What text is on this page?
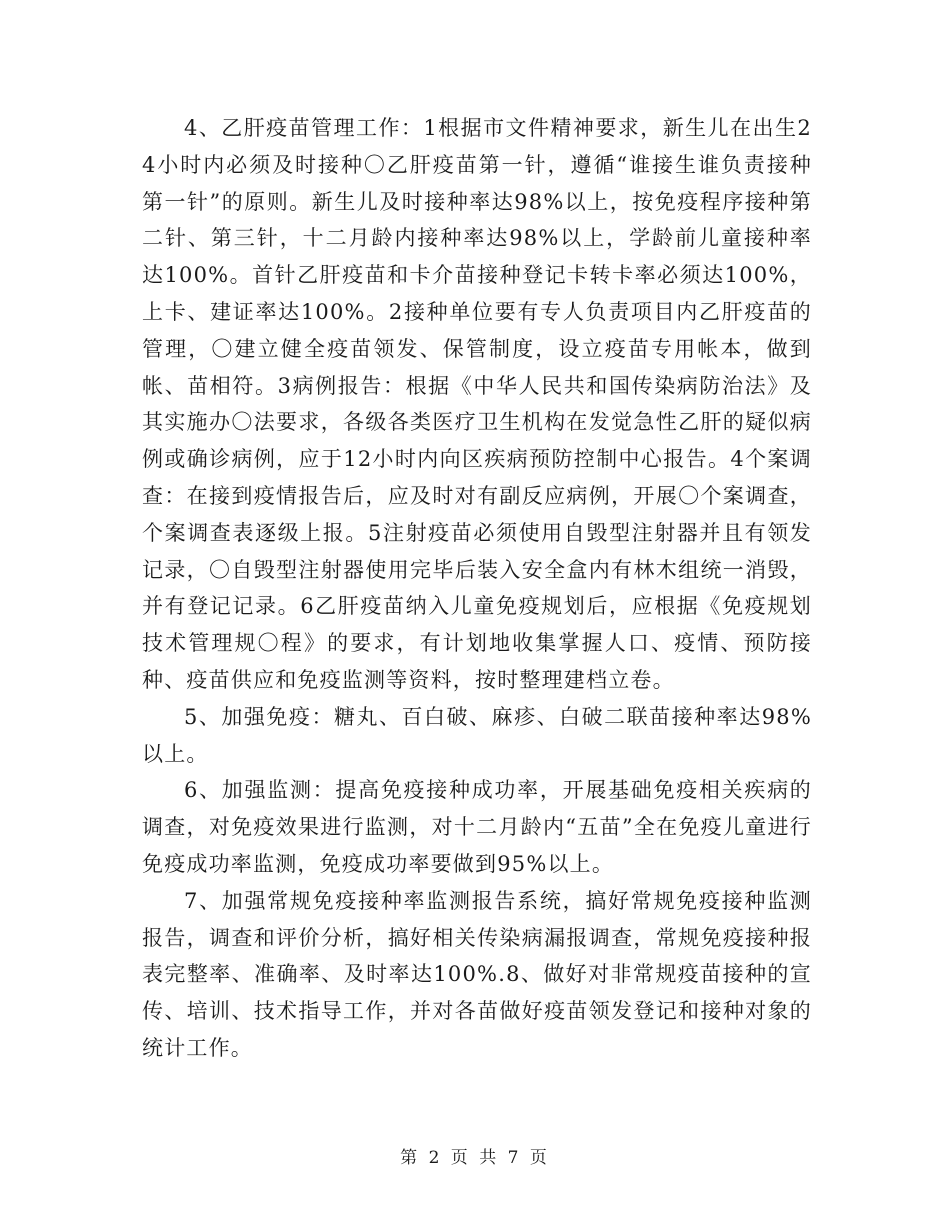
4、乙肝疫苗管理工作：1根据市文件精神要求，新生儿在出生24小时内必须及时接种〇乙肝疫苗第一针，遵循“谁接生谁负责接种第一针”的原则。新生儿及时接种率达98%以上，按免疫程序接种第二针、第三针，十二月龄内接种率达98%以上，学龄前儿童接种率达100%。首针乙肝疫苗和卡介苗接种登记卡转卡率必须达100%，上卡、建证率达100%。2接种单位要有专人负责项目内乙肝疫苗的管理，〇建立健全疫苗领发、保管制度，设立疫苗专用帐本，做到帐、苗相符。3病例报告：根据《中华人民共和国传染病防治法》及其实施办〇法要求，各级各类医疗卫生机构在发觉急性乙肝的疑似病例或确诊病例，应于12小时内向区疾病预防控制中心报告。4个案调查：在接到疫情报告后，应及时对有副反应病例，开展〇个案调查，个案调查表逐级上报。5注射疫苗必须使用自毁型注射器并且有领发记录，〇自毁型注射器使用完毕后装入安全盒内有林木组统一消毁，并有登记记录。6乙肝疫苗纳入儿童免疫规划后，应根据《免疫规划技术管理规〇程》的要求，有计划地收集掌握人口、疫情、预防接种、疫苗供应和免疫监测等资料，按时整理建档立卷。

5、加强免疫：糖丸、百白破、麻疹、白破二联苗接种率达98%以上。

6、加强监测：提高免疫接种成功率，开展基础免疫相关疾病的调查，对免疫效果进行监测，对十二月龄内“五苗”全在免疫儿童进行免疫成功率监测，免疫成功率要做到95%以上。

7、加强常规免疫接种率监测报告系统，搞好常规免疫接种监测报告，调查和评价分析，搞好相关传染病漏报调查，常规免疫接种报表完整率、准确率、及时率达100%.8、做好对非常规疫苗接种的宣传、培训、技术指导工作，并对各苗做好疫苗领发登记和接种对象的统计工作。

第 2 页 共 7 页
